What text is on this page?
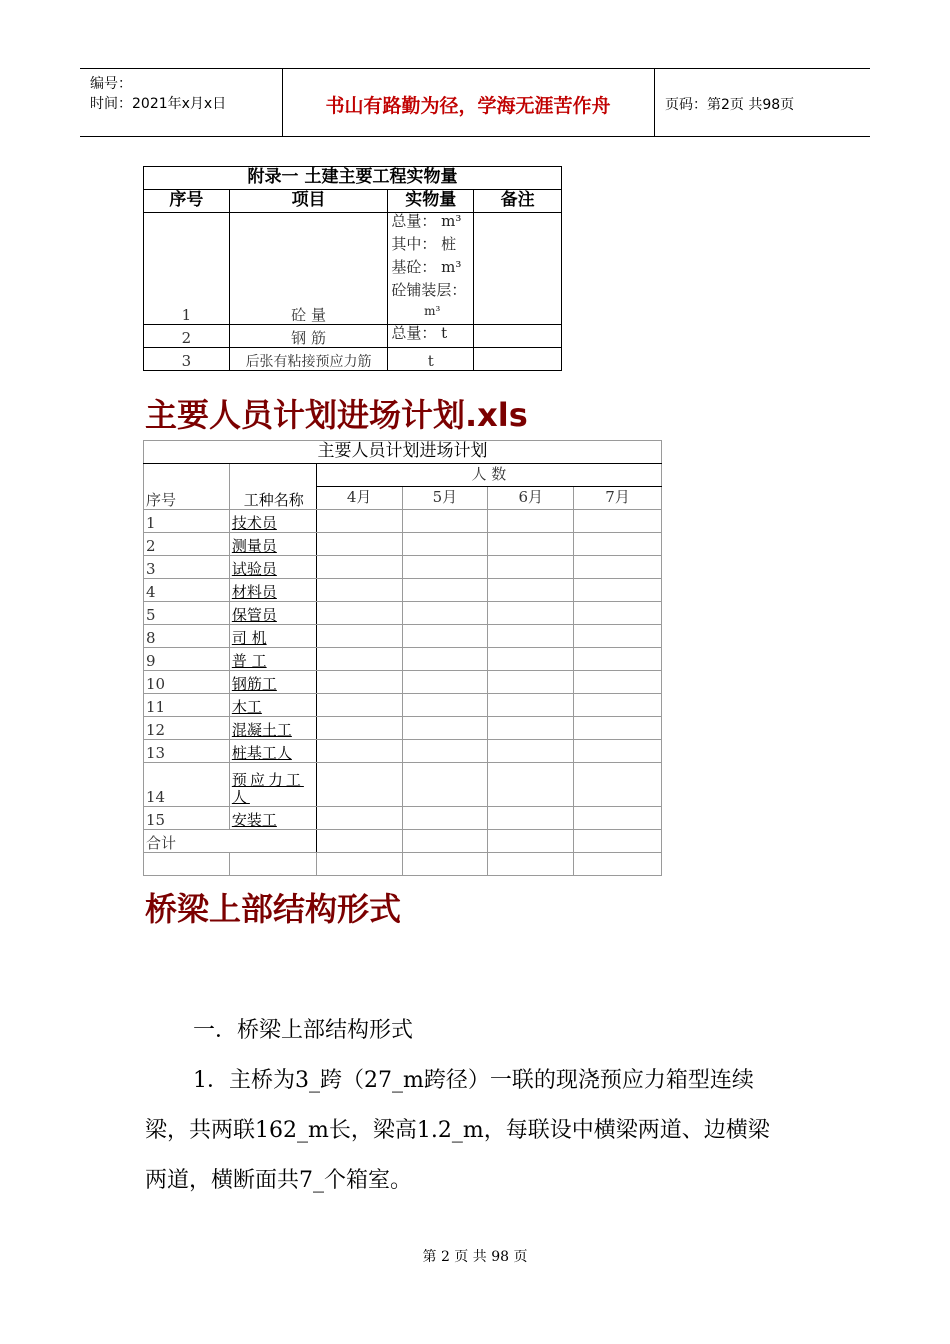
编号：
时间：2021年x月x日	书山有路勤为径，学海无涯苦作舟	页码：第2页 共98页
附录一 土建主要工程实物量			
序号	项目	实物量	备注
1	砼 量	总量： m³
其中： 桩
基砼： m³
砼铺装层：
m³	

2	钢 筋	总量： t	
3	后张有粘接预应力筋	t	
主要人员计划进场计划.xls
主要人员计划进场计划					
序号	工种名称	人 数			
		4月	5月	6月	7月
1	技术员				
2	测量员				
3	试验员				
4	材料员				
5	保管员				
8	司 机				
9	普 工				
10	钢筋工				
11	木工				
12	混凝土工				
13	桩基工人				
14	预应力工人				
15	安装工				
合计					

桥梁上部结构形式

一．桥梁上部结构形式

1．主桥为3_跨（27_m跨径）一联的现浇预应力箱型连续

梁，共两联162_m长，梁高1.2_m，每联设中横梁两道、边横梁

两道，横断面共7_个箱室。

第 2 页 共 98 页
